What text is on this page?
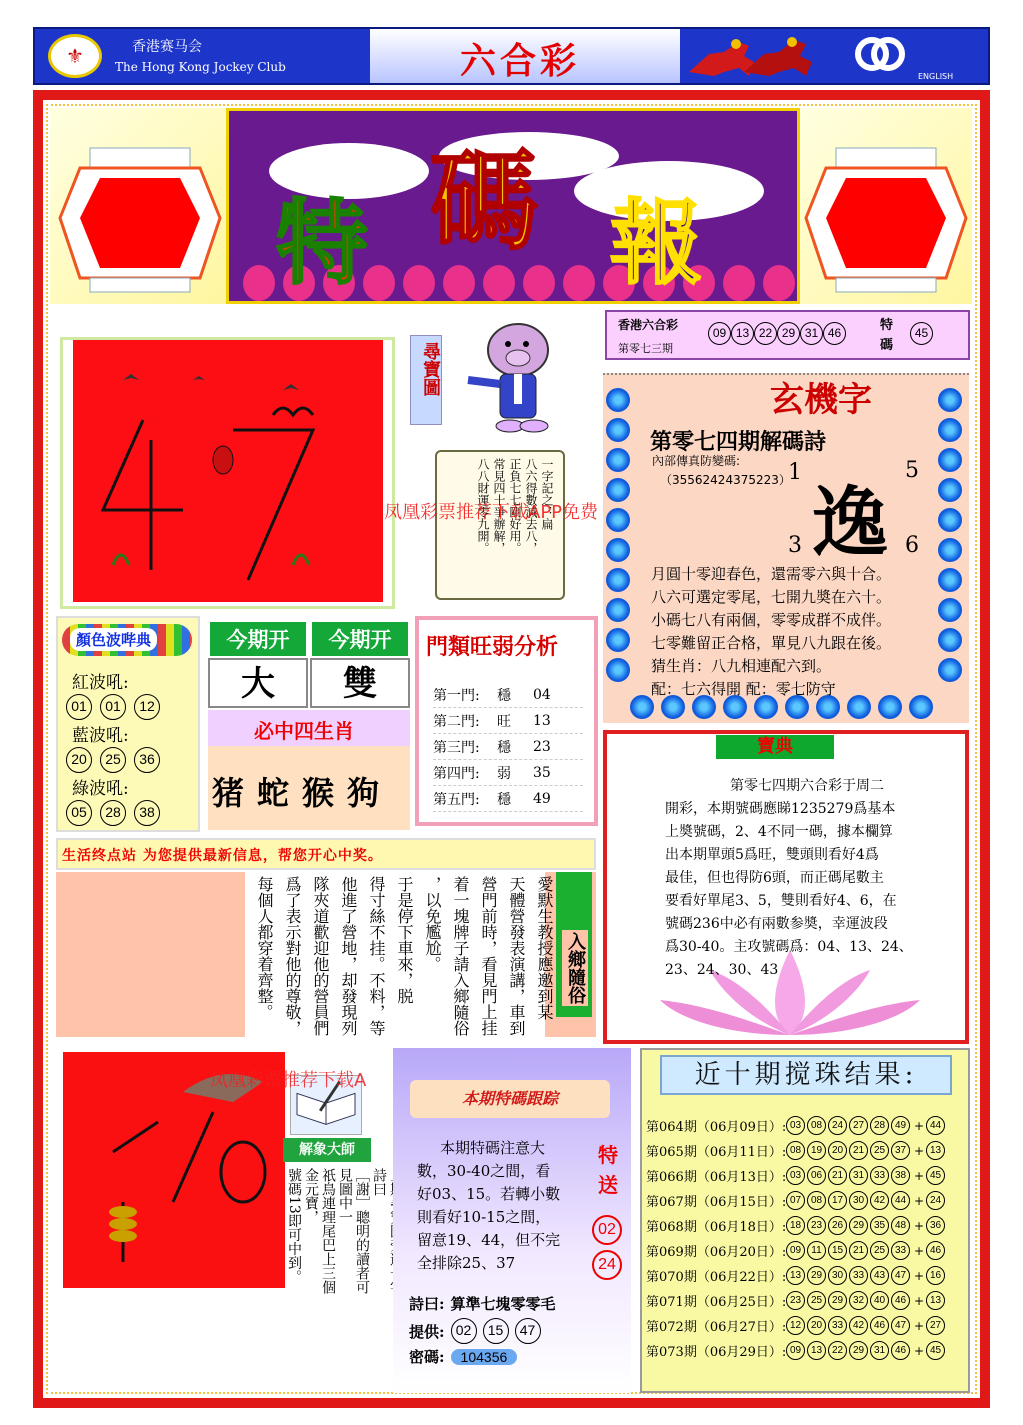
⚜	香港赛马会
The Hong Kong Jockey Club	六合彩	ENGLISH
特 碼 報
尋寶圖
一字記之：扁
八六得數減去八，
正負七七剛好用。
常見四十爭辦解，
八八財運零九開。
凤凰彩票推荐下载APP免费
香港六合彩
第零七三期
09 13 22 29 31 46	特碼
45
玄機字
第零七四期解碼詩
內部傳真防變碼:
（35562424375223） 逸
1	5
3	6
月圓十零迎春色，還需零六與十合。
八六可選定零尾，七開九奬在六十。
小碼七八有兩個，零零成群不成伴。
七零難留正合格，單見八九跟在後。
猜生肖：八九相連配六到。
配：七六得開 配：零七防守
顏色波哔典
紅波吼:
01	01	12
藍波吼:
20	25	36
綠波吼:
05	28	38
今期开	今期开
大	雙
必中四生肖
猪 蛇 猴 狗
門類旺弱分析
第一門:	穩	04
第二門:	旺	13
第三門:	穩	23
第四門:	弱	35
第五門:	穩	49
寶典
第零七四期六合彩于周二
開彩，本期號碼應睇1235279爲基本
上奬號碼，2、4不同一碼，據本欄算
出本期單頭5爲旺，雙頭則看好4爲
最佳，但也得防6頭，而正碼尾數主
要看好單尾3、5，雙則看好4、6，在
號碼236中必有兩數参奬，幸運波段
爲30-40。主攻號碼爲：04、13、24、
23、24、30、43
生活终点站 为您提供最新信息，帮您开心中奖。
愛默生教授應邀到某
天體營發表演講，車到
營門前時，看見門上挂
着一塊牌子請入鄉隨俗
，以免尷尬。
于是停下車來，脱
得寸絲不挂。不料，等
他進了營地，却發現列
隊夾道歡迎他的營員們
爲了表示對他的尊敬，
每個人都穿着齊整。	入鄉隨俗
解象大師
詩曰
［謝］聰明的讀者可見圖中一
祇鳥連理尾巴上三個金元寶，
號碼13即可中到。
凤凰彩票推荐下载A
本期特碼跟踪
本期特碼注意大
數，30-40之間，看
好03、15。若轉小數
則看好10-15之間，
留意19、44，但不完
全排除25、37
特送
02
24
詩曰: 算準七塊零零毛
提供: 02	15	47
密碼:	104356
近十期搅珠结果:
第064期（06月09日）: 03 08 24 27 28 49 + 44
第065期（06月11日）: 08 19 20 21 25 37 + 13
第066期（06月13日）: 03 06 21 31 33 38 + 45
第067期（06月15日）: 07 08 17 30 42 44 + 24
第068期（06月18日）: 18 23 26 29 35 48 + 36
第069期（06月20日）: 09	11	15 21 25 33 + 46
第070期（06月22日）: 13 29 30 33 43 47 + 16
第071期（06月25日）: 23 25 29 32 40 46 + 13
第072期（06月27日）: 12 20 33 42 46 47 + 27
第073期（06月29日）: 09 13 22 29 31 46 + 45
